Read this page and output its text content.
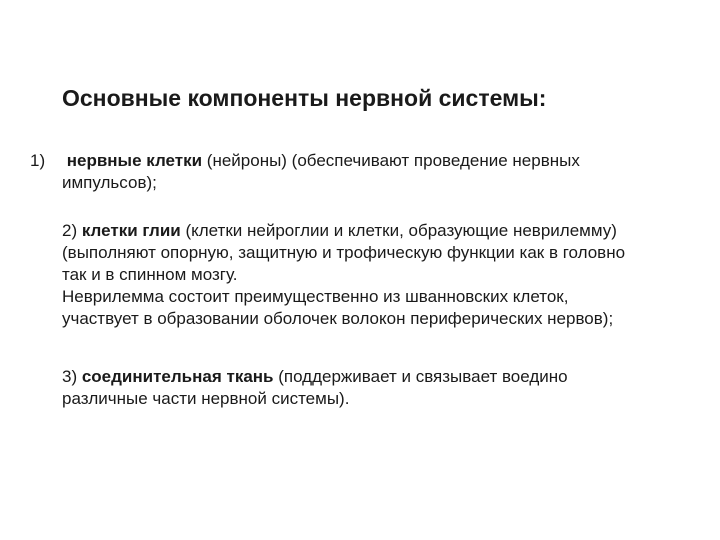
Основные компоненты нервной системы:
1) нервные клетки (нейроны) (обеспечивают проведение нервных
импульсов);
2) клетки глии (клетки нейроглии и клетки, образующие неврилемму)
(выполняют опорную, защитную и трофическую функции как в головно
так и в спинном мозгу.
Неврилемма состоит преимущественно из шванновских клеток,
участвует в образовании оболочек волокон периферических нервов);
3) соединительная ткань (поддерживает и связывает воедино
различные части нервной системы).
